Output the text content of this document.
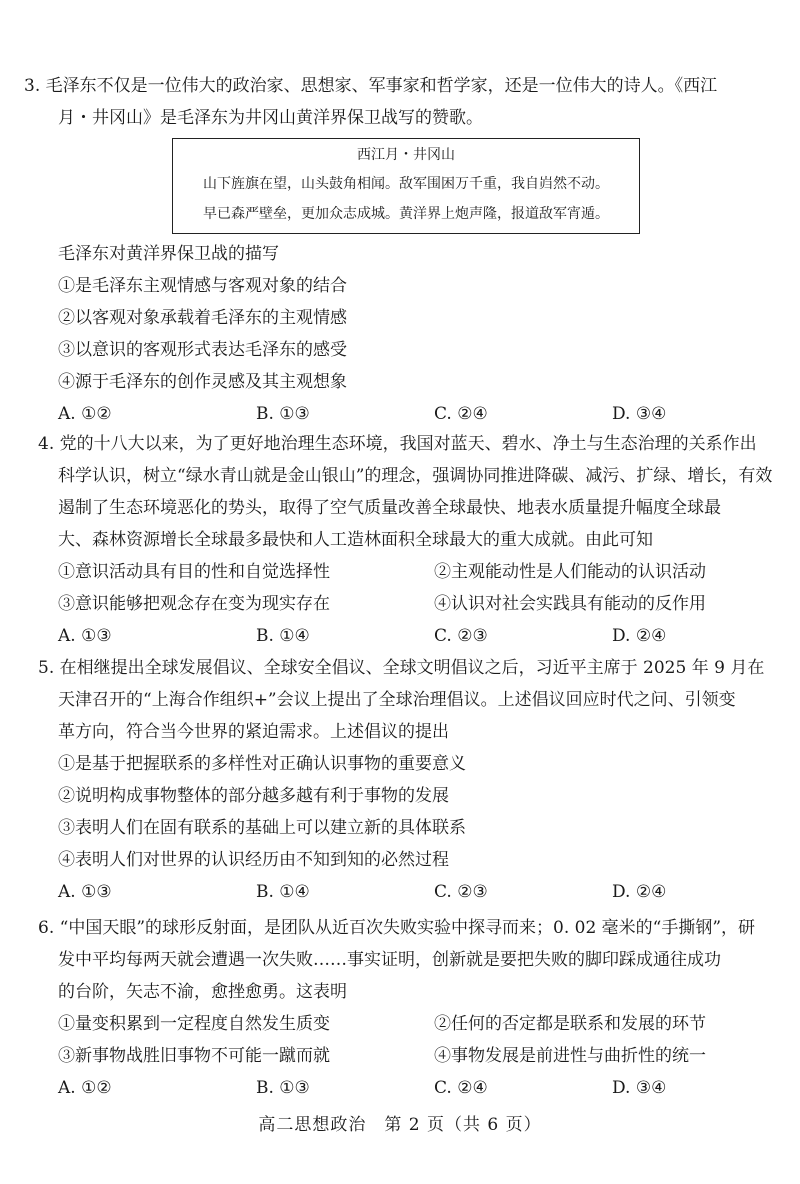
3. 毛泽东不仅是一位伟大的政治家、思想家、军事家和哲学家，还是一位伟大的诗人。《西江
月・井冈山》是毛泽东为井冈山黄洋界保卫战写的赞歌。
西江月・井冈山
山下旌旗在望，山头鼓角相闻。敌军围困万千重，我自岿然不动。
早已森严壁垒，更加众志成城。黄洋界上炮声隆，报道敌军宵遁。
毛泽东对黄洋界保卫战的描写
①是毛泽东主观情感与客观对象的结合
②以客观对象承载着毛泽东的主观情感
③以意识的客观形式表达毛泽东的感受
④源于毛泽东的创作灵感及其主观想象
A. ①②	B. ①③	C. ②④	D. ③④
4. 党的十八大以来，为了更好地治理生态环境，我国对蓝天、碧水、净土与生态治理的关系作出
科学认识，树立“绿水青山就是金山银山”的理念，强调协同推进降碳、减污、扩绿、增长，有效
遏制了生态环境恶化的势头，取得了空气质量改善全球最快、地表水质量提升幅度全球最
大、森林资源增长全球最多最快和人工造林面积全球最大的重大成就。由此可知
①意识活动具有目的性和自觉选择性	②主观能动性是人们能动的认识活动
③意识能够把观念存在变为现实存在	④认识对社会实践具有能动的反作用
A. ①③	B. ①④	C. ②③	D. ②④
5. 在相继提出全球发展倡议、全球安全倡议、全球文明倡议之后，习近平主席于 2025 年 9 月在
天津召开的“上海合作组织+”会议上提出了全球治理倡议。上述倡议回应时代之问、引领变
革方向，符合当今世界的紧迫需求。上述倡议的提出
①是基于把握联系的多样性对正确认识事物的重要意义
②说明构成事物整体的部分越多越有利于事物的发展
③表明人们在固有联系的基础上可以建立新的具体联系
④表明人们对世界的认识经历由不知到知的必然过程
A. ①③	B. ①④	C. ②③	D. ②④
6. “中国天眼”的球形反射面，是团队从近百次失败实验中探寻而来；0. 02 毫米的“手撕钢”，研
发中平均每两天就会遭遇一次失败……事实证明，创新就是要把失败的脚印踩成通往成功
的台阶，矢志不渝，愈挫愈勇。这表明
①量变积累到一定程度自然发生质变	②任何的否定都是联系和发展的环节
③新事物战胜旧事物不可能一蹴而就	④事物发展是前进性与曲折性的统一
A. ①②	B. ①③	C. ②④	D. ③④
高二思想政治　第 2 页（共 6 页）
